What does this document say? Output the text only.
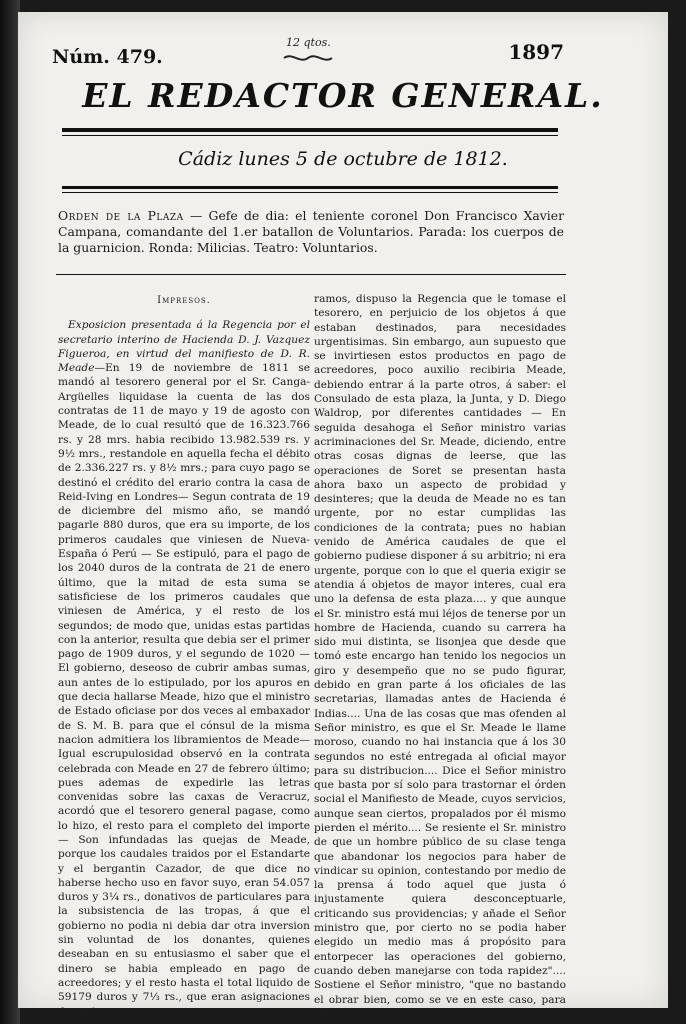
Núm. 479.
12 qtos.	1897
EL REDACTOR GENERAL.
Cádiz lunes 5 de octubre de 1812.
Orden de la Plaza — Gefe de dia: el teniente coronel Don Francisco Xavier Campana, comandante del 1.er batallon de Voluntarios. Parada: los cuerpos de la guarnicion. Ronda: Milicias. Teatro: Voluntarios.

Impresos.

Exposicion presentada á la Regencia por el secretario interino de Hacienda D. J. Vazquez Figueroa, en virtud del manifiesto de D. R. Meade—En 19 de noviembre de 1811 se mandó al tesorero general por el Sr. Canga-Argüelles liquidase la cuenta de las dos contratas de 11 de mayo y 19 de agosto con Meade, de lo cual resultó que de 16.323.766 rs. y 28 mrs. habia recibido 13.982.539 rs. y 9½ mrs., restandole en aquella fecha el débito de 2.336.227 rs. y 8½ mrs.; para cuyo pago se destinó el crédito del erario contra la casa de Reid-Iving en Londres— Segun contrata de 19 de diciembre del mismo año, se mandó pagarle 880 duros, que era su importe, de los primeros caudales que viniesen de Nueva-España ó Perú — Se estipuló, para el pago de los 2040 duros de la contrata de 21 de enero último, que la mitad de esta suma se satisficiese de los primeros caudales que viniesen de América, y el resto de los segundos; de modo que, unidas estas partidas con la anterior, resulta que debia ser el primer pago de 1909 duros, y el segundo de 1020 — El gobierno, deseoso de cubrir ambas sumas, aun antes de lo estipulado, por los apuros en que decia hallarse Meade, hizo que el ministro de Estado oficiase por dos veces al embaxador de S. M. B. para que el cónsul de la misma nacion admitiera los libramientos de Meade—Igual escrupulosidad observó en la contrata celebrada con Meade en 27 de febrero último; pues ademas de expedirle las letras convenidas sobre las caxas de Veracruz, acordó que el tesorero general pagase, como lo hizo, el resto para el completo del importe — Son infundadas las quejas de Meade, porque los caudales traidos por el Estandarte y el bergantin Cazador, de que dice no haberse hecho uso en favor suyo, eran 54.057 duros y 3¼ rs., donativos de particulares para la subsistencia de las tropas, á que el gobierno no podia ni debia dar otra inversion sin voluntad de los donantes, quienes deseaban en su entusiasmo el saber que el dinero se habia empleado en pago de acreedores; y el resto hasta el total liquido de 59179 duros y 7⅓ rs., que eran asignaciones de varios

ramos, dispuso la Regencia que le tomase el tesorero, en perjuicio de los objetos á que estaban destinados, para necesidades urgentisimas. Sin embargo, aun supuesto que se invirtiesen estos productos en pago de acreedores, poco auxilio recibiria Meade, debiendo entrar á la parte otros, á saber: el Consulado de esta plaza, la Junta, y D. Diego Waldrop, por diferentes cantidades — En seguida desahoga el Señor ministro varias acriminaciones del Sr. Meade, diciendo, entre otras cosas dignas de leerse, que las operaciones de Soret se presentan hasta ahora baxo un aspecto de probidad y desinteres; que la deuda de Meade no es tan urgente, por no estar cumplidas las condiciones de la contrata; pues no habian venido de América caudales de que el gobierno pudiese disponer á su arbitrio; ni era urgente, porque con lo que el queria exigir se atendia á objetos de mayor interes, cual era uno la defensa de esta plaza.... y que aunque el Sr. ministro está mui léjos de tenerse por un hombre de Hacienda, cuando su carrera ha sido mui distinta, se lisonjea que desde que tomó este encargo han tenido los negocios un giro y desempeño que no se pudo figurar, debido en gran parte á los oficiales de las secretarias, llamadas antes de Hacienda é Indias.... Una de las cosas que mas ofenden al Señor ministro, es que el Sr. Meade le llame moroso, cuando no hai instancia que á los 30 segundos no esté entregada al oficial mayor para su distribucion.... Dice el Señor ministro que basta por sí solo para trastornar el órden social el Manifiesto de Meade, cuyos servicios, aunque sean ciertos, propalados por él mismo pierden el mérito.... Se resiente el Sr. ministro de que un hombre público de su clase tenga que abandonar los negocios para haber de vindicar su opinion, contestando por medio de la prensa á todo aquel que justa ó injustamente quiera desconceptuarle, criticando sus providencias; y añade el Señor ministro que, por cierto no se podia haber elegido un medio mas á propósito para entorpecer las operaciones del gobierno, cuando deben manejarse con toda rapidez".... Sostiene el Señor ministro, "que no bastando el obrar bien, como se ve en este caso, para estar á
